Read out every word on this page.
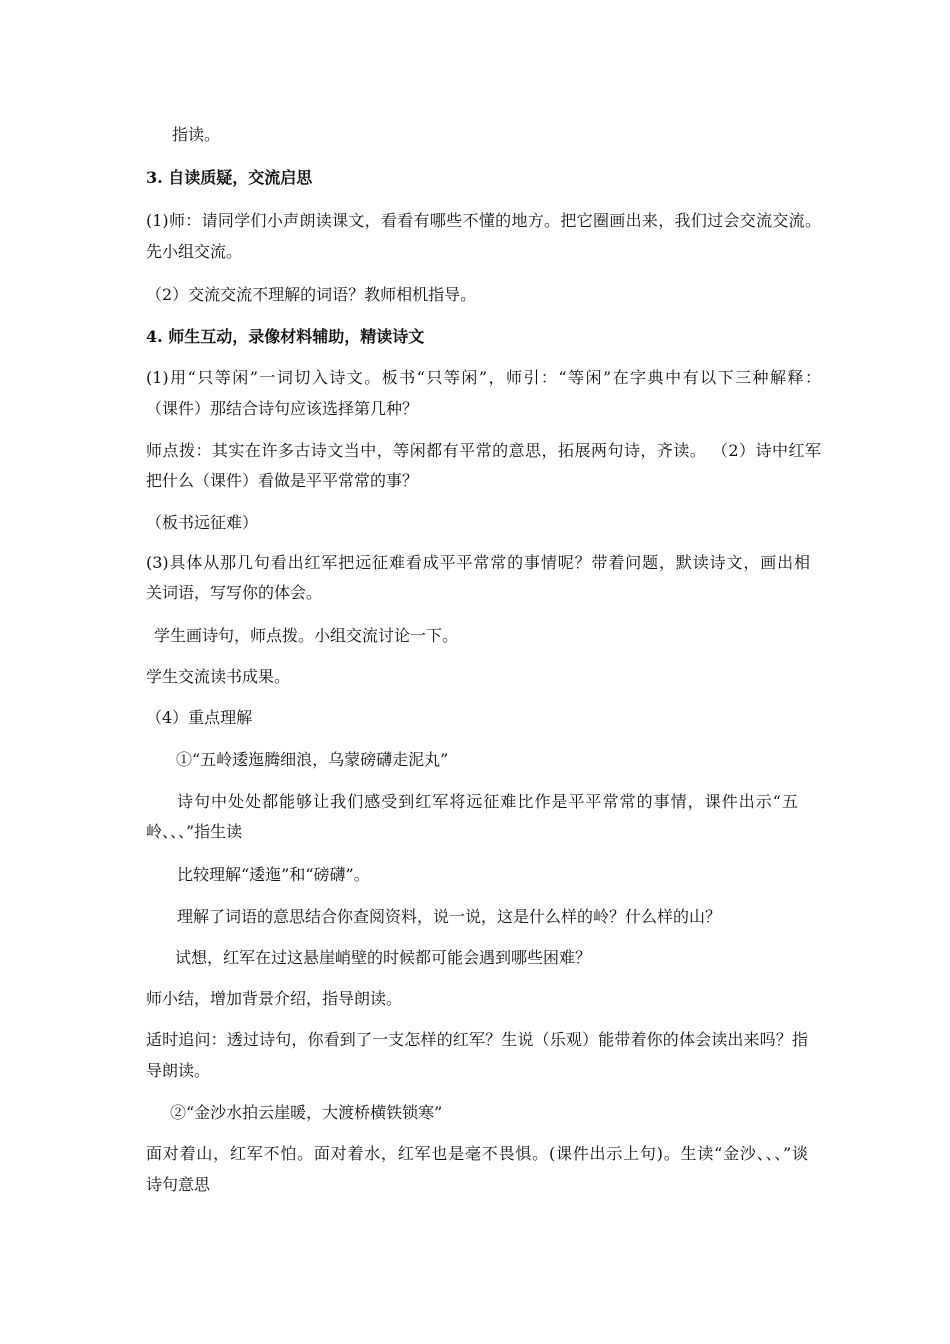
指读。
3. 自读质疑，交流启思
(1)师：请同学们小声朗读课文，看看有哪些不懂的地方。把它圈画出来，我们过会交流交流。
先小组交流。
（2）交流交流不理解的词语？教师相机指导。
4. 师生互动，录像材料辅助，精读诗文
(1)用“只等闲”一词切入诗文。板书“只等闲”，师引：“等闲”在字典中有以下三种解释：
（课件）那结合诗句应该选择第几种？
师点拨：其实在许多古诗文当中，等闲都有平常的意思，拓展两句诗，齐读。 （2）诗中红军
把什么（课件）看做是平平常常的事？
（板书远征难）
(3)具体从那几句看出红军把远征难看成平平常常的事情呢？带着问题，默读诗文，画出相
关词语，写写你的体会。
学生画诗句，师点拨。小组交流讨论一下。
学生交流读书成果。
（4）重点理解
①“五岭逶迤腾细浪，乌蒙磅礴走泥丸”
诗句中处处都能够让我们感受到红军将远征难比作是平平常常的事情，课件出示“五
岭、、、”指生读
比较理解“逶迤”和“磅礴”。
理解了词语的意思结合你查阅资料，说一说，这是什么样的岭？什么样的山？
试想，红军在过这悬崖峭壁的时候都可能会遇到哪些困难？
师小结，增加背景介绍，指导朗读。
适时追问：透过诗句，你看到了一支怎样的红军？生说（乐观）能带着你的体会读出来吗？指
导朗读。
②“金沙水拍云崖暖，大渡桥横铁锁寒”
面对着山，红军不怕。面对着水，红军也是毫不畏惧。(课件出示上句)。生读“金沙、、、”谈
诗句意思
